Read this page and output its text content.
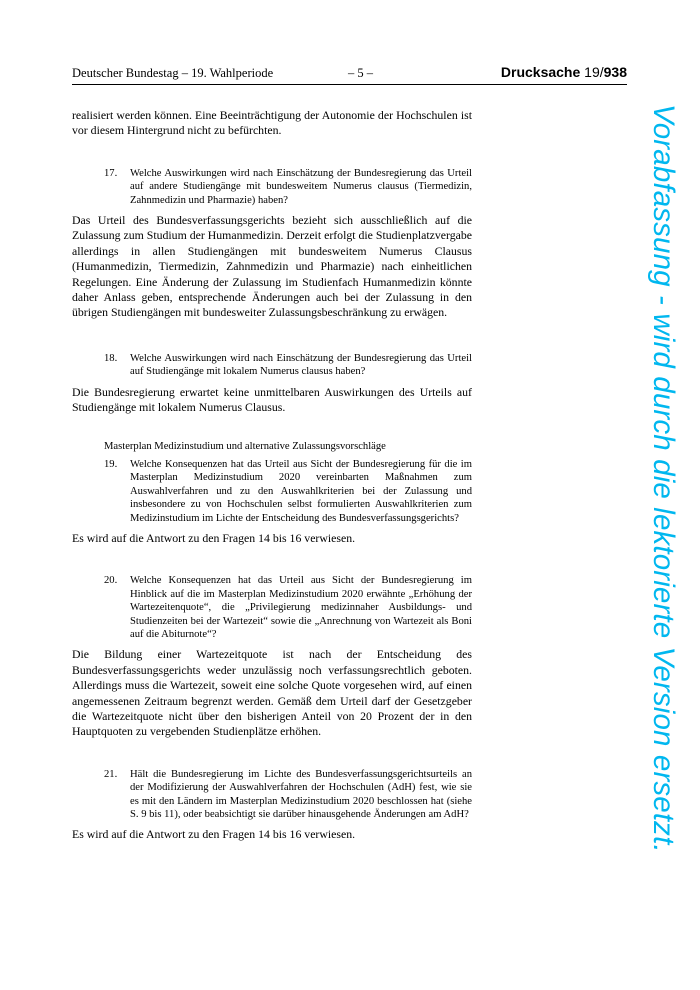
Deutscher Bundestag – 19. Wahlperiode	– 5 –	Drucksache 19/938

realisiert werden können. Eine Beeinträchtigung der Autonomie der Hochschulen ist vor diesem Hintergrund nicht zu befürchten.

17.	Welche Auswirkungen wird nach Einschätzung der Bundesregierung das Urteil auf andere Studiengänge mit bundesweitem Numerus clausus (Tiermedizin, Zahnmedizin und Pharmazie) haben?

Das Urteil des Bundesverfassungsgerichts bezieht sich ausschließlich auf die Zulassung zum Studium der Humanmedizin. Derzeit erfolgt die Studienplatzvergabe allerdings in allen Studiengängen mit bundesweitem Numerus Clausus (Humanmedizin, Tiermedizin, Zahnmedizin und Pharmazie) nach einheitlichen Regelungen. Eine Änderung der Zulassung im Studienfach Humanmedizin könnte daher Anlass geben, entsprechende Änderungen auch bei der Zulassung in den übrigen Studiengängen mit bundesweiter Zulassungsbeschränkung zu erwägen.

18.	Welche Auswirkungen wird nach Einschätzung der Bundesregierung das Urteil auf Studiengänge mit lokalem Numerus clausus haben?

Die Bundesregierung erwartet keine unmittelbaren Auswirkungen des Urteils auf Studiengänge mit lokalem Numerus Clausus.

Masterplan Medizinstudium und alternative Zulassungsvorschläge
19.	Welche Konsequenzen hat das Urteil aus Sicht der Bundesregierung für die im Masterplan Medizinstudium 2020 vereinbarten Maßnahmen zum Auswahlverfahren und zu den Auswahlkriterien bei der Zulassung und insbesondere zu von Hochschulen selbst formulierten Auswahlkriterien zum Medizinstudium im Lichte der Entscheidung des Bundesverfassungsgerichts?

Es wird auf die Antwort zu den Fragen 14 bis 16 verwiesen.

20.	Welche Konsequenzen hat das Urteil aus Sicht der Bundesregierung im Hinblick auf die im Masterplan Medizinstudium 2020 erwähnte „Erhöhung der Wartezeitenquote“, die „Privilegierung medizinnaher Ausbildungs- und Studienzeiten bei der Wartezeit“ sowie die „Anrechnung von Wartezeit als Boni auf die Abiturnote“?

Die Bildung einer Wartezeitquote ist nach der Entscheidung des Bundesverfassungsgerichts weder unzulässig noch verfassungsrechtlich geboten. Allerdings muss die Wartezeit, soweit eine solche Quote vorgesehen wird, auf einen angemessenen Zeitraum begrenzt werden. Gemäß dem Urteil darf der Gesetzgeber die Wartezeitquote nicht über den bisherigen Anteil von 20 Prozent der in den Hauptquoten zu vergebenden Studienplätze erhöhen.

21.	Hält die Bundesregierung im Lichte des Bundesverfassungsgerichtsurteils an der Modifizierung der Auswahlverfahren der Hochschulen (AdH) fest, wie sie es mit den Ländern im Masterplan Medizinstudium 2020 beschlossen hat (siehe S. 9 bis 11), oder beabsichtigt sie darüber hinausgehende Änderungen am AdH?

Es wird auf die Antwort zu den Fragen 14 bis 16 verwiesen.	Vorabfassung - wird durch die lektorierte Version ersetzt.
